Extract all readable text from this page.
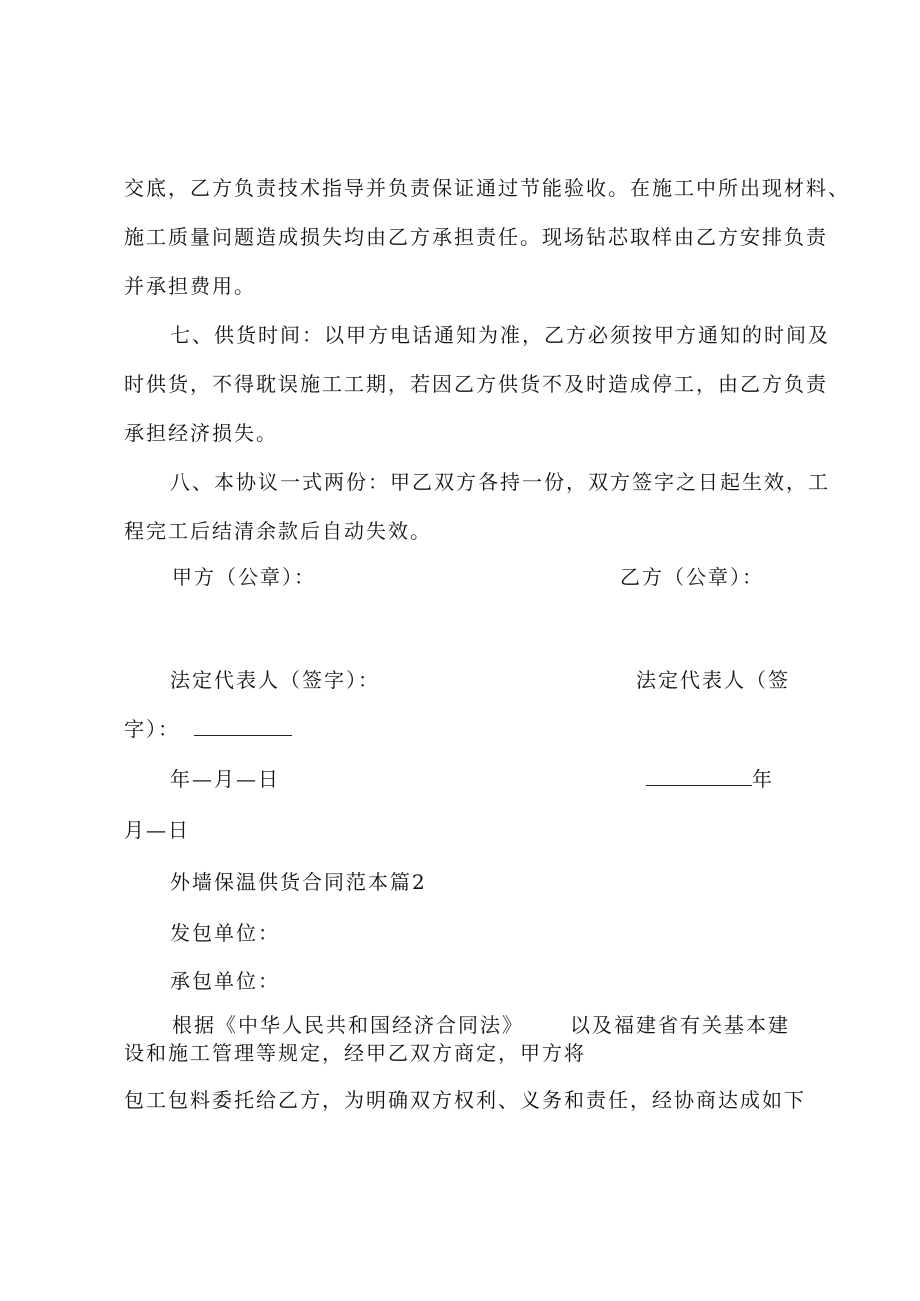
交底，乙方负责技术指导并负责保证通过节能验收。在施工中所出现材料、
施工质量问题造成损失均由乙方承担责任。现场钻芯取样由乙方安排负责
并承担费用。
七、供货时间：以甲方电话通知为准，乙方必须按甲方通知的时间及
时供货，不得耽误施工工期，若因乙方供货不及时造成停工，由乙方负责
承担经济损失。
八、本协议一式两份：甲乙双方各持一份，双方签字之日起生效，工
程完工后结清余款后自动失效。
甲方（公章）：	乙方（公章）：
法定代表人（签字）：	法定代表人（签
字）：
年—月—日	年
月—日
外墙保温供货合同范本篇2
发包单位：
承包单位：
根据《中华人民共和国经济合同法》 以及福建省有关基本建
设和施工管理等规定，经甲乙双方商定，甲方将
包工包料委托给乙方，为明确双方权利、义务和责任，经协商达成如下
